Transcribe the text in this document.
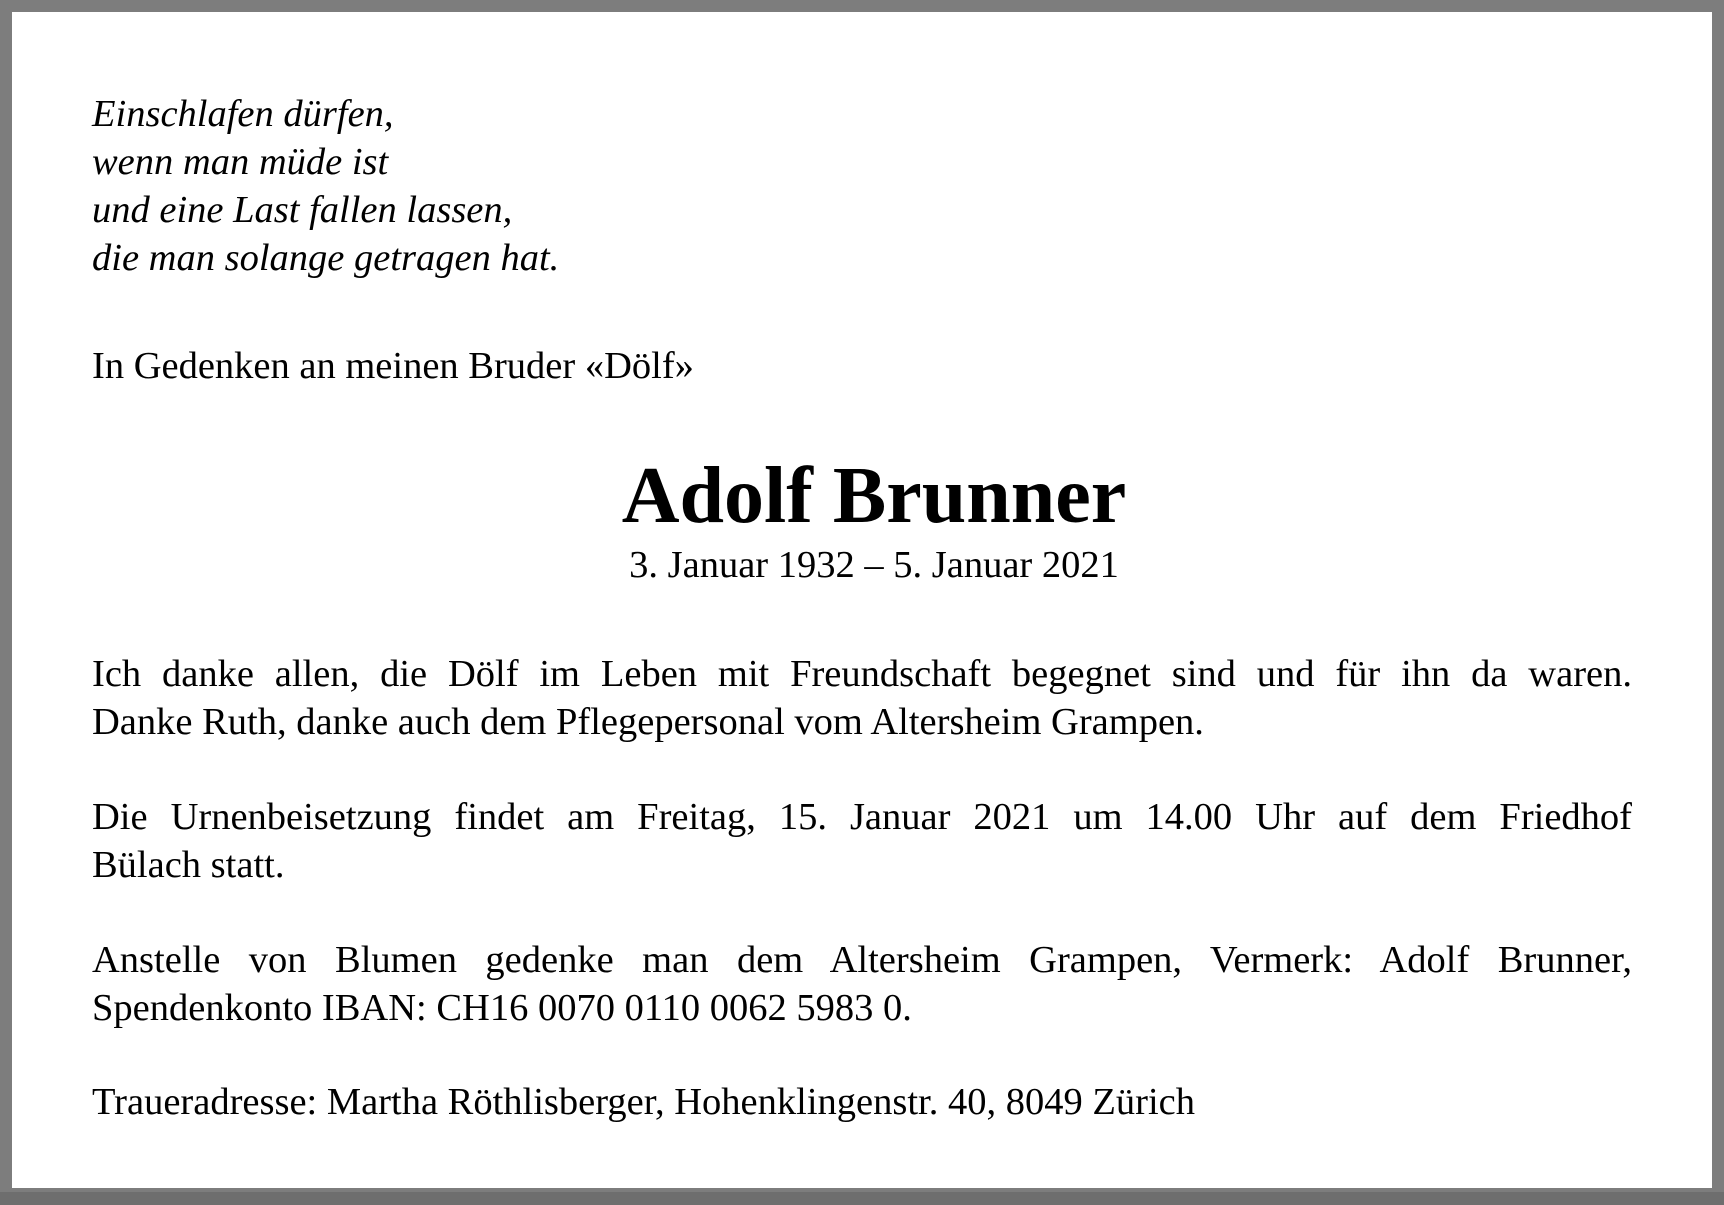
Einschlafen dürfen,
wenn man müde ist
und eine Last fallen lassen,
die man solange getragen hat.

In Gedenken an meinen Bruder «Dölf»

Adolf Brunner

3. Januar 1932 – 5. Januar 2021

Ich danke allen, die Dölf im Leben mit Freundschaft begegnet sind und für ihn da waren.
Danke Ruth, danke auch dem Pflegepersonal vom Altersheim Grampen.

Die Urnenbeisetzung findet am Freitag, 15. Januar 2021 um 14.00 Uhr auf dem Friedhof
Bülach statt.

Anstelle von Blumen gedenke man dem Altersheim Grampen, Vermerk: Adolf Brunner,
Spendenkonto IBAN: CH16 0070 0110 0062 5983 0.

Traueradresse: Martha Röthlisberger, Hohenklingenstr. 40, 8049 Zürich
